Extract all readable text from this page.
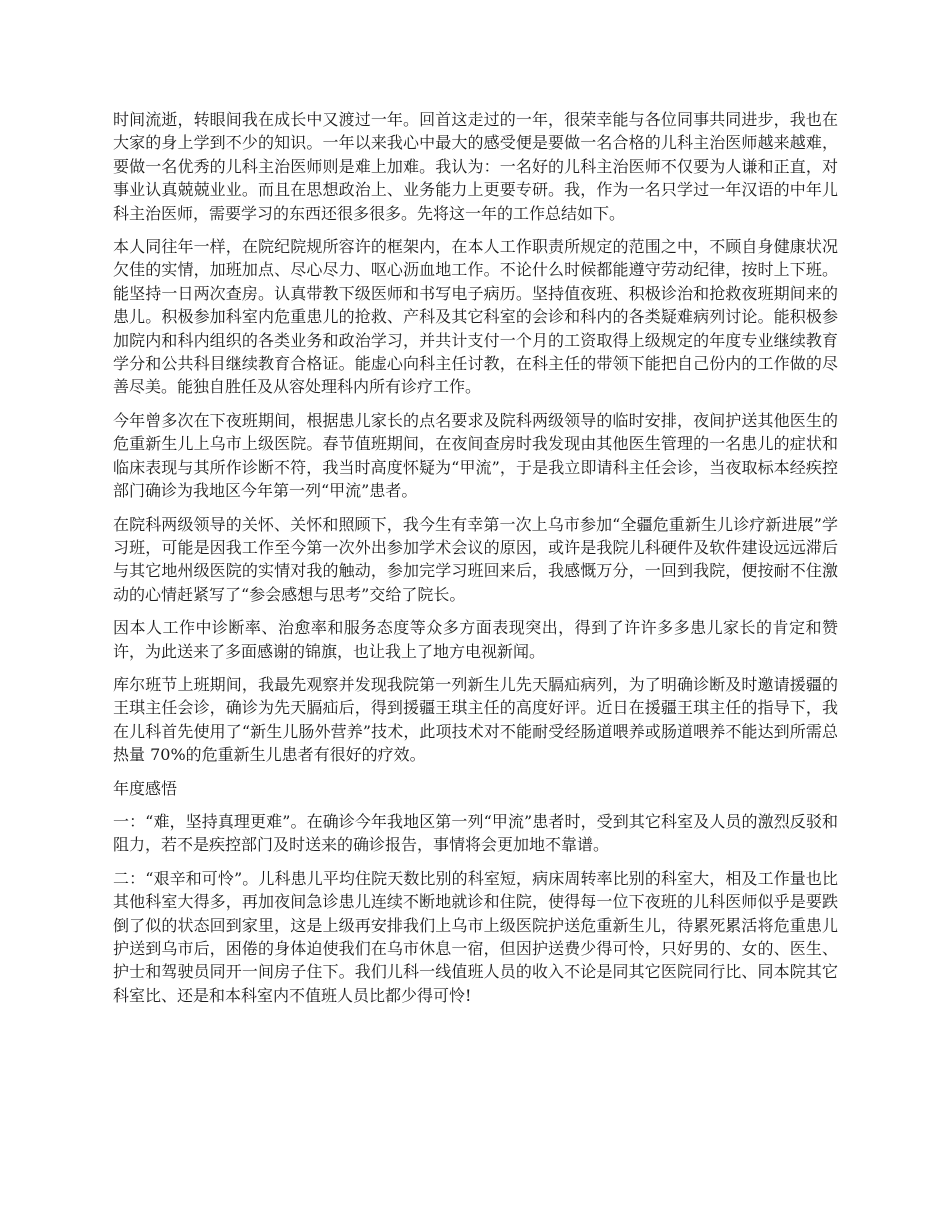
时间流逝，转眼间我在成长中又渡过一年。回首这走过的一年，很荣幸能与各位同事共同进步，我也在大家的身上学到不少的知识。一年以来我心中最大的感受便是要做一名合格的儿科主治医师越来越难，要做一名优秀的儿科主治医师则是难上加难。我认为：一名好的儿科主治医师不仅要为人谦和正直，对事业认真兢兢业业。而且在思想政治上、业务能力上更要专研。我，作为一名只学过一年汉语的中年儿科主治医师，需要学习的东西还很多很多。先将这一年的工作总结如下。

本人同往年一样，在院纪院规所容许的框架内，在本人工作职责所规定的范围之中，不顾自身健康状况欠佳的实情，加班加点、尽心尽力、呕心沥血地工作。不论什么时候都能遵守劳动纪律，按时上下班。能坚持一日两次查房。认真带教下级医师和书写电子病历。坚持值夜班、积极诊治和抢救夜班期间来的患儿。积极参加科室内危重患儿的抢救、产科及其它科室的会诊和科内的各类疑难病列讨论。能积极参加院内和科内组织的各类业务和政治学习，并共计支付一个月的工资取得上级规定的年度专业继续教育学分和公共科目继续教育合格证。能虚心向科主任讨教，在科主任的带领下能把自己份内的工作做的尽善尽美。能独自胜任及从容处理科内所有诊疗工作。

今年曾多次在下夜班期间，根据患儿家长的点名要求及院科两级领导的临时安排，夜间护送其他医生的危重新生儿上乌市上级医院。春节值班期间，在夜间查房时我发现由其他医生管理的一名患儿的症状和临床表现与其所作诊断不符，我当时高度怀疑为“甲流”，于是我立即请科主任会诊，当夜取标本经疾控部门确诊为我地区今年第一列“甲流”患者。

在院科两级领导的关怀、关怀和照顾下，我今生有幸第一次上乌市参加“全疆危重新生儿诊疗新进展”学习班，可能是因我工作至今第一次外出参加学术会议的原因，或许是我院儿科硬件及软件建设远远滞后与其它地州级医院的实情对我的触动，参加完学习班回来后，我感慨万分，一回到我院，便按耐不住激动的心情赶紧写了“参会感想与思考”交给了院长。

因本人工作中诊断率、治愈率和服务态度等众多方面表现突出，得到了许许多多患儿家长的肯定和赞许，为此送来了多面感谢的锦旗，也让我上了地方电视新闻。

库尔班节上班期间，我最先观察并发现我院第一列新生儿先天膈疝病列，为了明确诊断及时邀请援疆的王琪主任会诊，确诊为先天膈疝后，得到援疆王琪主任的高度好评。近日在援疆王琪主任的指导下，我在儿科首先使用了“新生儿肠外营养”技术，此项技术对不能耐受经肠道喂养或肠道喂养不能达到所需总热量 70%的危重新生儿患者有很好的疗效。

年度感悟

一：“难，坚持真理更难”。在确诊今年我地区第一列“甲流”患者时，受到其它科室及人员的激烈反驳和阻力，若不是疾控部门及时送来的确诊报告，事情将会更加地不靠谱。

二：“艰辛和可怜”。儿科患儿平均住院天数比别的科室短，病床周转率比别的科室大，相及工作量也比其他科室大得多，再加夜间急诊患儿连续不断地就诊和住院，使得每一位下夜班的儿科医师似乎是要跌倒了似的状态回到家里，这是上级再安排我们上乌市上级医院护送危重新生儿，待累死累活将危重患儿护送到乌市后，困倦的身体迫使我们在乌市休息一宿，但因护送费少得可怜，只好男的、女的、医生、护士和驾驶员同开一间房子住下。我们儿科一线值班人员的收入不论是同其它医院同行比、同本院其它科室比、还是和本科室内不值班人员比都少得可怜!
